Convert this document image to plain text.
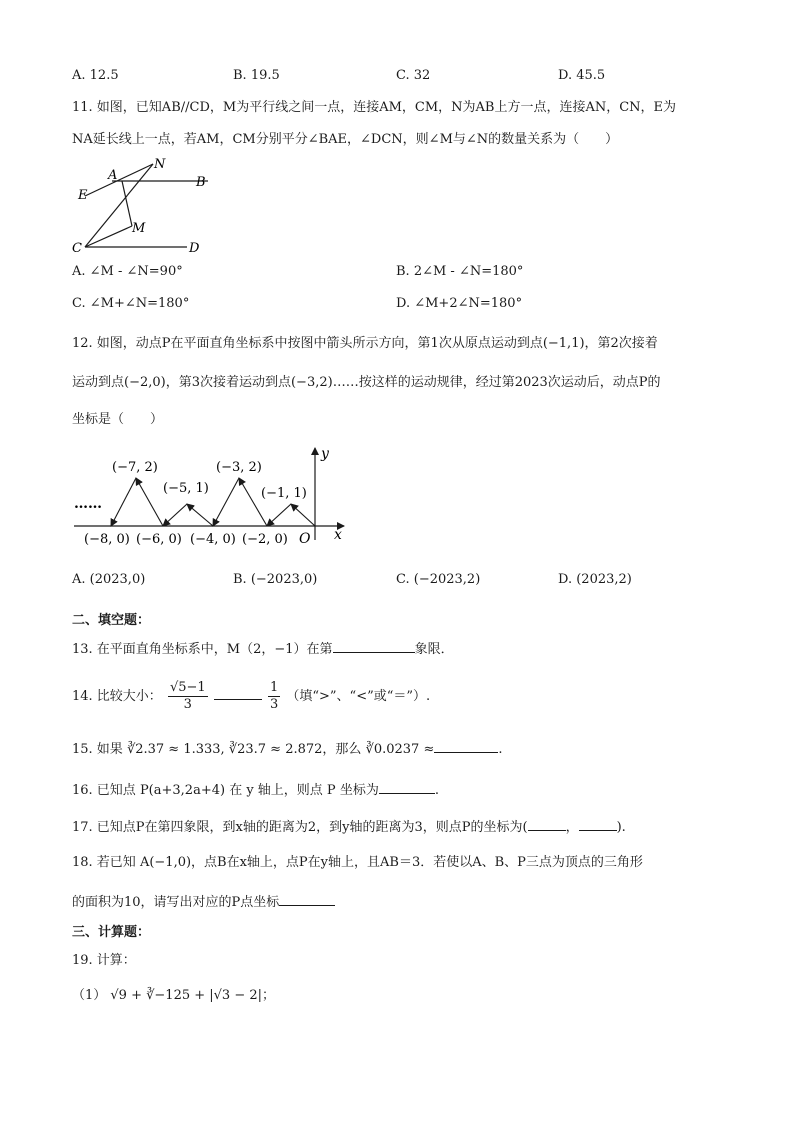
A. 12.5	B. 19.5	C. 32	D. 45.5
11. 如图，已知AB//CD，M为平行线之间一点，连接AM，CM，N为AB上方一点，连接AN，CN，E为
NA延长线上一点，若AM，CM分别平分∠BAE，∠DCN，则∠M与∠N的数量关系为（　　）
N
A	B
E
M
C	D
A. ∠M - ∠N=90°	B. 2∠M - ∠N=180°
C. ∠M+∠N=180°	D. ∠M+2∠N=180°
12. 如图，动点P在平面直角坐标系中按图中箭头所示方向，第1次从原点运动到点(−1,1)，第2次接着
运动到点(−2,0)，第3次接着运动到点(−3,2)……按这样的运动规律，经过第2023次运动后，动点P的
坐标是（　　）
(−7, 2)
(−5, 1)
(−3, 2)
(−1, 1)
(−8, 0) (−6, 0) (−4, 0) (−2, 0) O x
y
……
A. (2023,0)	B. (−2023,0)	C. (−2023,2)	D. (2023,2)
二、填空题：
13. 在平面直角坐标系中，M（2，−1）在第	象限．
14. 比较大小： $\frac{√5-1}{3}$
	$\frac{1}{3}$ （填“>”、“<”或“＝”）.
15. 如果 ∛2.37 ≈ 1.333, ∛23.7 ≈ 2.872，那么 ∛0.0237 ≈	.
16. 已知点 P(a+3,2a+4) 在 y 轴上，则点 P 坐标为	.
17. 已知点P在第四象限，到x轴的距离为2，到y轴的距离为3，则点P的坐标为(	，	).
18. 若已知 A(−1,0)，点B在x轴上，点P在y轴上，且AB＝3．若使以A、B、P三点为顶点的三角形
的面积为10，请写出对应的P点坐标
三、计算题：
19. 计算：
（1） √9 + ∛−125 + |√3 − 2|；
